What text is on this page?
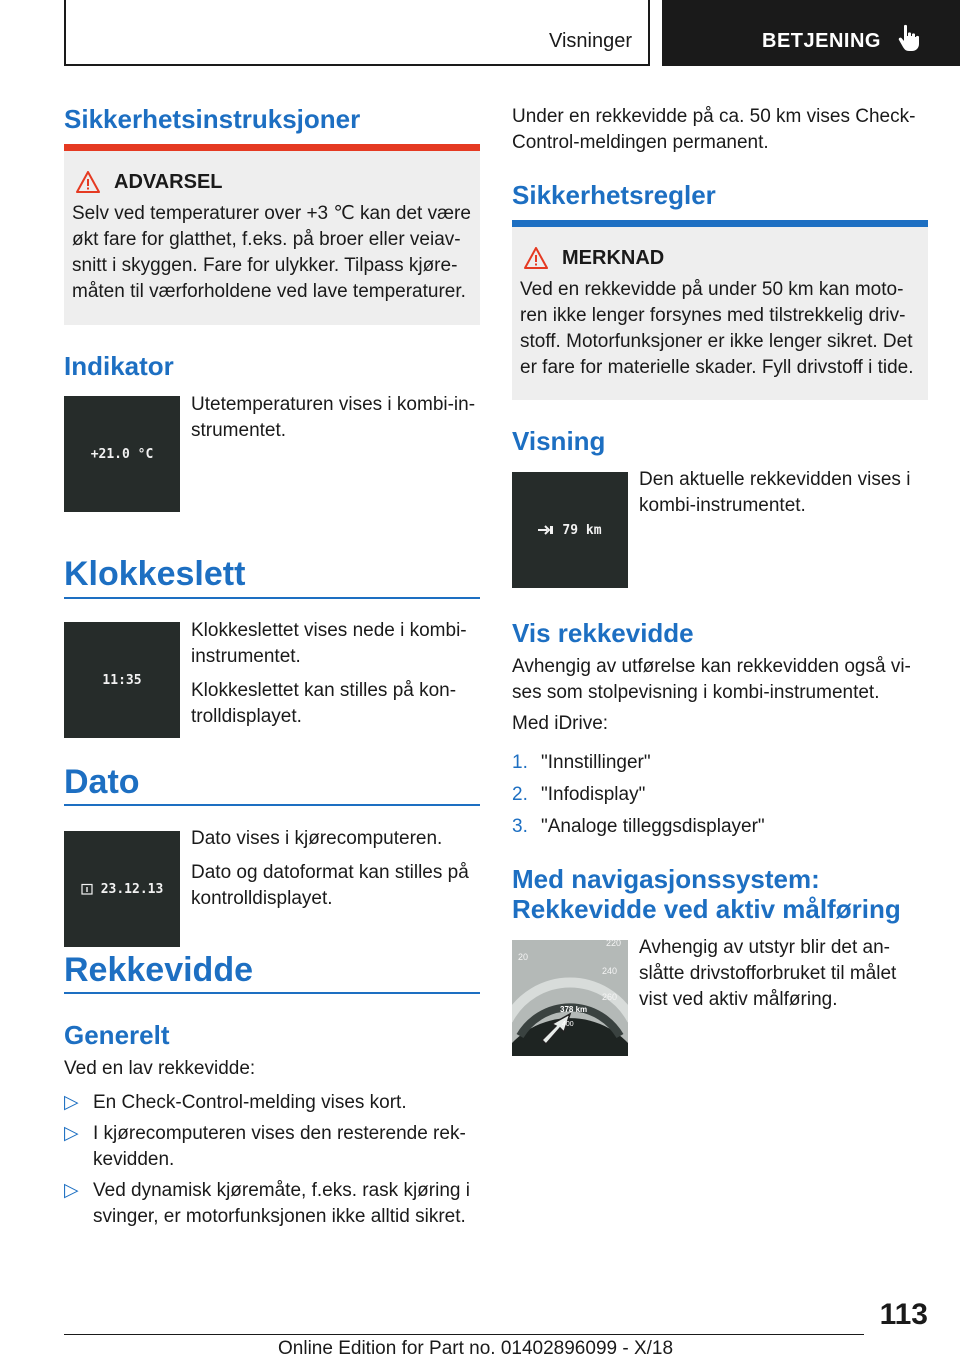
Visninger	BETJENING
Sikkerhetsinstruksjoner
ADVARSEL
Selv ved temperaturer over +3 ℃ kan det være
økt fare for glatthet, f.eks. på broer eller veiav‐
snitt i skyggen. Fare for ulykker. Tilpass kjøre‐
måten til værforholdene ved lave temperaturer.
Indikator
+21.0 °C
Utetemperaturen vises i kombi-in‐
strumentet.
Klokkeslett
11:35
Klokkeslettet vises nede i kombi‐
instrumentet.
Klokkeslettet kan stilles på kon‐
trolldisplayet.
Dato
23.12.13
Dato vises i kjørecomputeren.
Dato og datoformat kan stilles på
kontrolldisplayet.
Rekkevidde
Generelt
Ved en lav rekkevidde:
▷ En Check-Control-melding vises kort.
▷ I kjørecomputeren vises den resterende rek‐
kevidden.
▷ Ved dynamisk kjøremåte, f.eks. rask kjøring i
svinger, er motorfunksjonen ikke alltid sikret.
Under en rekkevidde på ca. 50 km vises Check-
Control-meldingen permanent.
Sikkerhetsregler
MERKNAD
Ved en rekkevidde på under 50 km kan moto‐
ren ikke lenger forsynes med tilstrekkelig driv‐
stoff. Motorfunksjoner er ikke lenger sikret. Det
er fare for materielle skader. Fyll drivstoff i tide.
Visning
79 km
Den aktuelle rekkevidden vises i
kombi-instrumentet.
Vis rekkevidde
Avhengig av utførelse kan rekkevidden også vi‐
ses som stolpevisning i kombi-instrumentet.
Med iDrive:
1. "Innstillinger"
2. "Infodisplay"
3. "Analoge tilleggsdisplayer"
Med navigasjonssystem:
Rekkevidde ved aktiv målføring
20
220
240
260
378 km
400
Avhengig av utstyr blir det an‐
slåtte drivstofforbruket til målet
vist ved aktiv målføring.
113
Online Edition for Part no. 01402896099 - X/18
